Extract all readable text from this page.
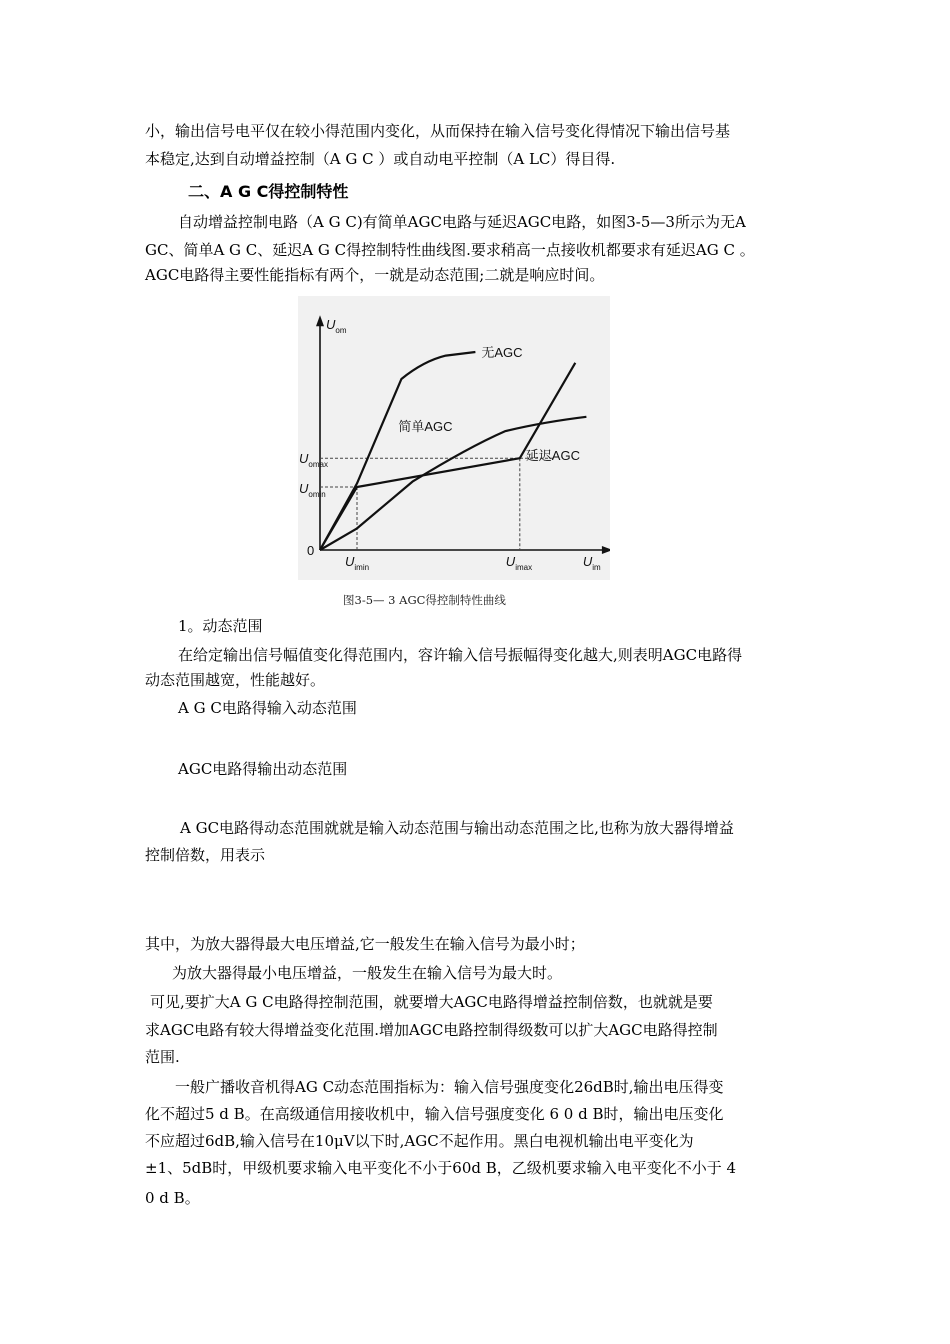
小，输出信号电平仅在较小得范围内变化，从而保持在输入信号变化得情况下输出信号基
本稳定,达到自动增益控制（A G C ）或自动电平控制（A LC）得目得.
二、A G C得控制特性
自动增益控制电路（A G C)有简单AGC电路与延迟AGC电路，如图3-5—3所示为无A
GC、简单A G C、延迟A G C得控制特性曲线图.要求稍高一点接收机都要求有延迟AG C 。
AGC电路得主要性能指标有两个，一就是动态范围;二就是响应时间。
无AGC
简单AGC
延迟AGC
$U_{om}$
$U_{im}$
$U_{omax}$
$U_{omin}$
$U_{imin}$	$U_{imax}$
0
图3-5— 3 AGC得控制特性曲线
1。动态范围
在给定输出信号幅值变化得范围内，容许输入信号振幅得变化越大,则表明AGC电路得
动态范围越宽，性能越好。
A G C电路得输入动态范围
AGC电路得输出动态范围
A GC电路得动态范围就就是输入动态范围与输出动态范围之比,也称为放大器得增益
控制倍数，用表示
其中，为放大器得最大电压增益,它一般发生在输入信号为最小时；
为放大器得最小电压增益，一般发生在输入信号为最大时。
可见,要扩大A G C电路得控制范围，就要增大AGC电路得增益控制倍数，也就就是要
求AGC电路有较大得增益变化范围.增加AGC电路控制得级数可以扩大AGC电路得控制
范围.
一般广播收音机得AG C动态范围指标为：输入信号强度变化26dB时,输出电压得变
化不超过5 d B。在高级通信用接收机中，输入信号强度变化 6 0 d B时，输出电压变化
不应超过6dB,输入信号在10μV以下时,AGC不起作用。黑白电视机输出电平变化为
±1、5dB时，甲级机要求输入电平变化不小于60d B，乙级机要求输入电平变化不小于 4
0 d B。
